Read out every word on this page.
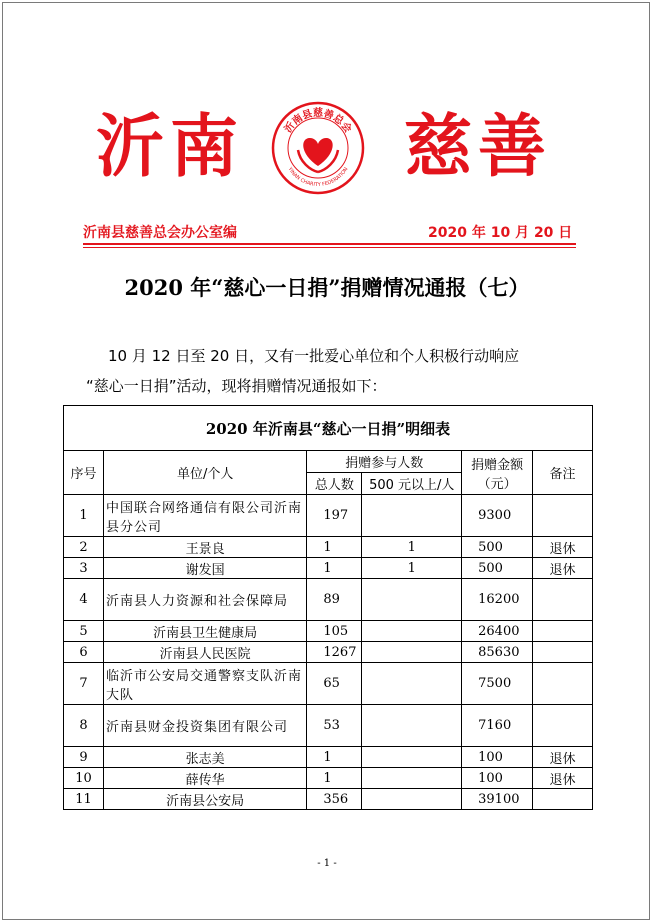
沂南	沂南县慈善总会
YINAN CHARITY FEDERATION 慈善
沂南县慈善总会办公室编	2020 年 10 月 20 日
2020 年“慈心一日捐”捐赠情况通报（七）
10 月 12 日至 20 日，又有一批爱心单位和个人积极行动响应
“慈心一日捐”活动，现将捐赠情况通报如下：
2020 年沂南县“慈心一日捐”明细表					
序号	单位/个人	捐赠参与人数		捐赠金额（元）	备注
		总人数	500 元以上/人		
1	中国联合网络通信有限公司沂南县分公司	197		9300	
2	王景良	1	1	500	退休
3	谢发国	1	1	500	退休
4	沂南县人力资源和社会保障局	89		16200	
5	沂南县卫生健康局	105		26400	
6	沂南县人民医院	1267		85630	
7	临沂市公安局交通警察支队沂南大队	65		7500	
8	沂南县财金投资集团有限公司	53		7160	
9	张志美	1		100	退休
10	薛传华	1		100	退休
11	沂南县公安局	356		39100	
- 1 -
